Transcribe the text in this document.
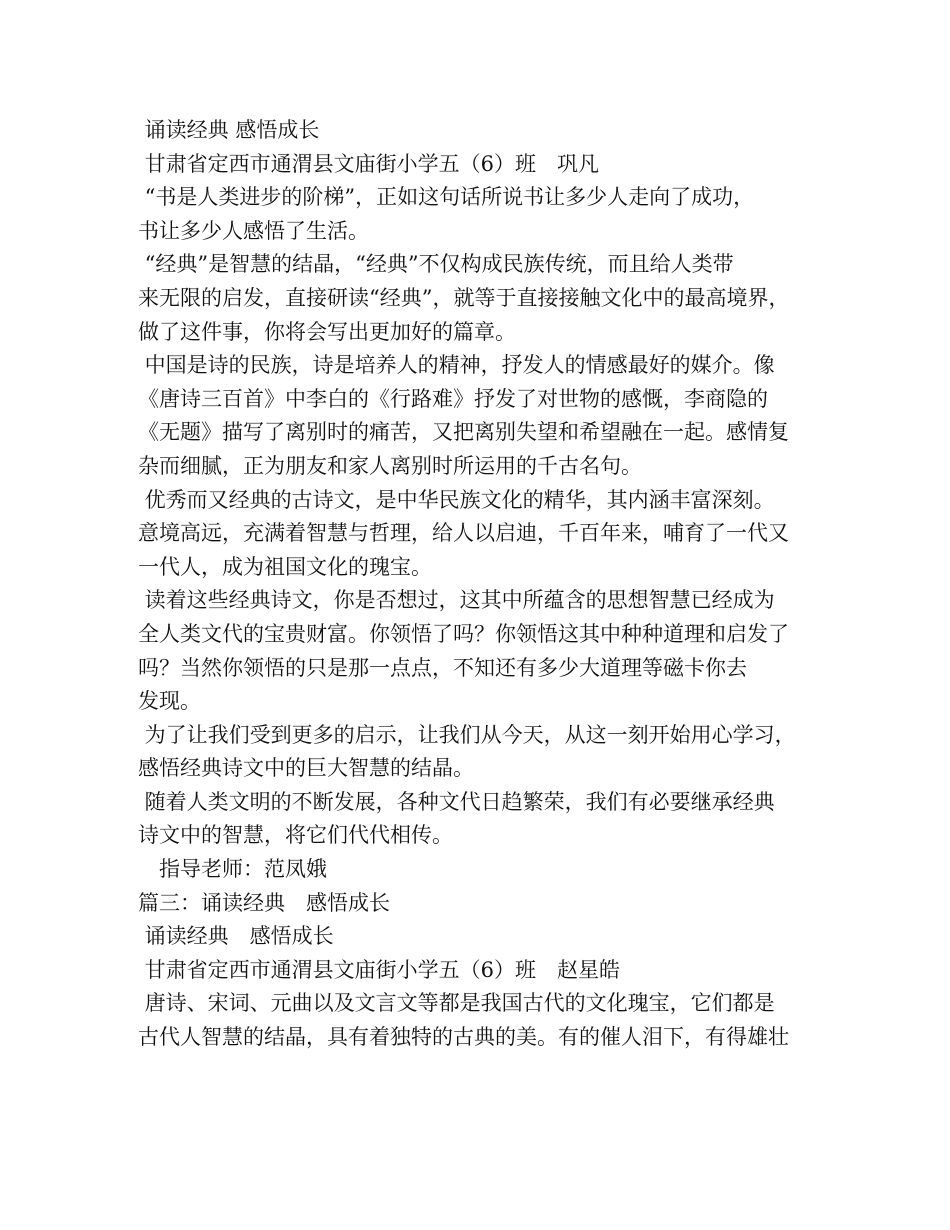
诵读经典 感悟成长
甘肃省定西市通渭县文庙街小学五（6）班　巩凡
“书是人类进步的阶梯”，正如这句话所说书让多少人走向了成功，
书让多少人感悟了生活。
“经典”是智慧的结晶，“经典”不仅构成民族传统，而且给人类带
来无限的启发，直接研读“经典”，就等于直接接触文化中的最高境界，
做了这件事，你将会写出更加好的篇章。
中国是诗的民族，诗是培养人的精神，抒发人的情感最好的媒介。像
《唐诗三百首》中李白的《行路难》抒发了对世物的感慨，李商隐的
《无题》描写了离别时的痛苦，又把离别失望和希望融在一起。感情复
杂而细腻，正为朋友和家人离别时所运用的千古名句。
优秀而又经典的古诗文，是中华民族文化的精华，其内涵丰富深刻。
意境高远，充满着智慧与哲理，给人以启迪，千百年来，哺育了一代又
一代人，成为祖国文化的瑰宝。
读着这些经典诗文，你是否想过，这其中所蕴含的思想智慧已经成为
全人类文代的宝贵财富。你领悟了吗？你领悟这其中种种道理和启发了
吗？当然你领悟的只是那一点点，不知还有多少大道理等磁卡你去
发现。
为了让我们受到更多的启示，让我们从今天，从这一刻开始用心学习，
感悟经典诗文中的巨大智慧的结晶。
随着人类文明的不断发展，各种文代日趋繁荣，我们有必要继承经典
诗文中的智慧，将它们代代相传。
　指导老师：范凤娥
篇三：诵读经典　感悟成长
诵读经典　感悟成长
甘肃省定西市通渭县文庙街小学五（6）班　赵星皓
唐诗、宋词、元曲以及文言文等都是我国古代的文化瑰宝，它们都是
古代人智慧的结晶，具有着独特的古典的美。有的催人泪下，有得雄壮
